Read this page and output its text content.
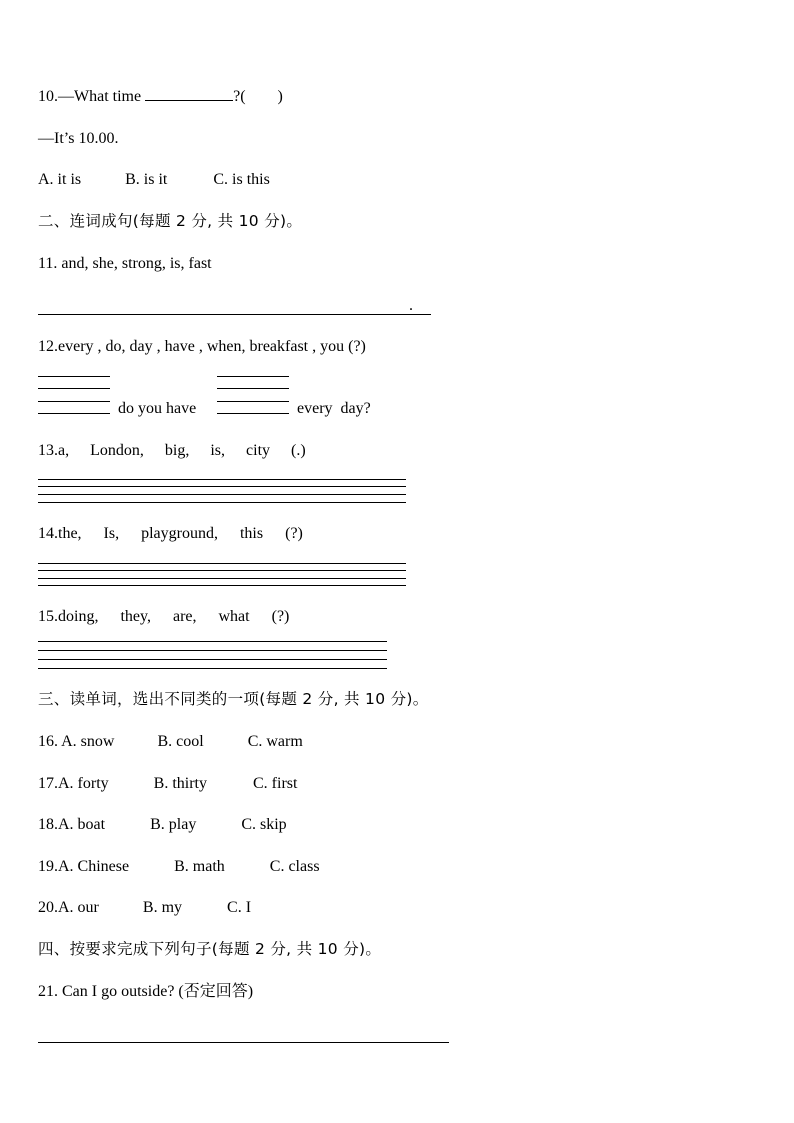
10.—What time	?(        )
—It’s 10.00.
A. it is	B. is it	C. is this
二、连词成句(每题 2 分, 共 10 分)。
11. and, she, strong, is, fast
.
12.every , do, day , have , when, breakfast , you (?)
do you have	every  day?
13.a, London, big, is, city (.)
14.the, Is, playground, this (?)
15.doing, they, are, what (?)
三、读单词，选出不同类的一项(每题 2 分, 共 10 分)。
16. A. snow	B. cool	C. warm
17.A. forty	B. thirty	C. first
18.A. boat	B. play	C. skip
19.A. Chinese	B. math	C. class
20.A. our	B. my	C. I
四、按要求完成下列句子(每题 2 分, 共 10 分)。
21. Can I go outside? (否定回答)
